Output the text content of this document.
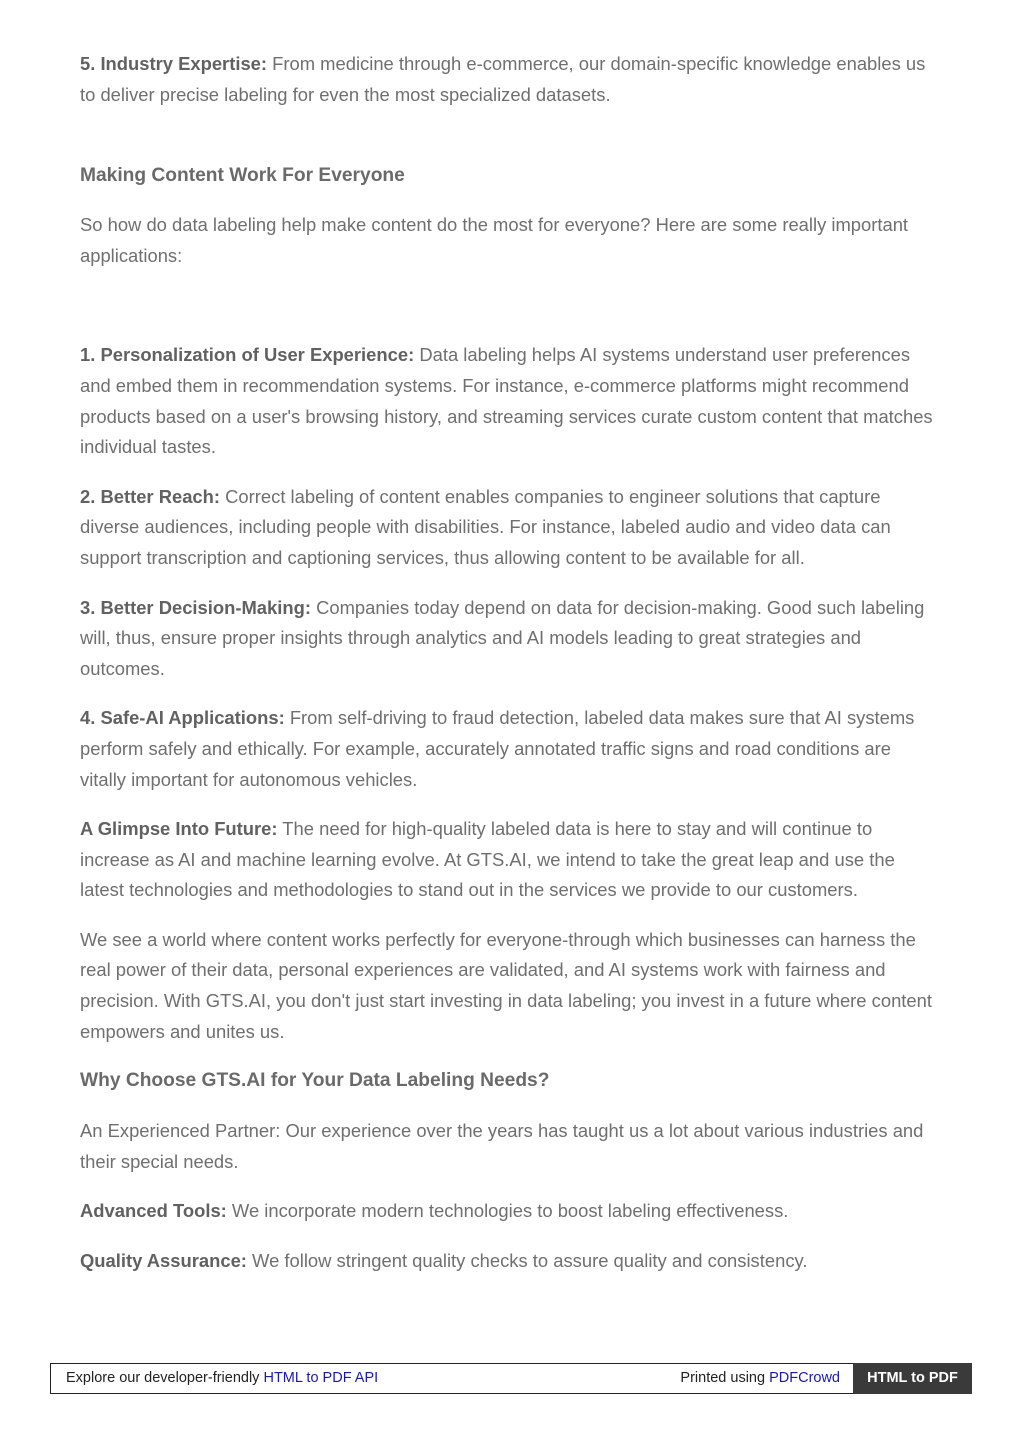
5. Industry Expertise: From medicine through e-commerce, our domain-specific knowledge enables us to deliver precise labeling for even the most specialized datasets.

Making Content Work For Everyone

So how do data labeling help make content do the most for everyone? Here are some really important applications:

1. Personalization of User Experience: Data labeling helps AI systems understand user preferences and embed them in recommendation systems. For instance, e-commerce platforms might recommend products based on a user's browsing history, and streaming services curate custom content that matches individual tastes.

2. Better Reach: Correct labeling of content enables companies to engineer solutions that capture diverse audiences, including people with disabilities. For instance, labeled audio and video data can support transcription and captioning services, thus allowing content to be available for all.

3. Better Decision-Making: Companies today depend on data for decision-making. Good such labeling will, thus, ensure proper insights through analytics and AI models leading to great strategies and outcomes.

4. Safe-AI Applications: From self-driving to fraud detection, labeled data makes sure that AI systems perform safely and ethically. For example, accurately annotated traffic signs and road conditions are vitally important for autonomous vehicles.

A Glimpse Into Future: The need for high-quality labeled data is here to stay and will continue to increase as AI and machine learning evolve. At GTS.AI, we intend to take the great leap and use the latest technologies and methodologies to stand out in the services we provide to our customers.

We see a world where content works perfectly for everyone-through which businesses can harness the real power of their data, personal experiences are validated, and AI systems work with fairness and precision. With GTS.AI, you don't just start investing in data labeling; you invest in a future where content empowers and unites us.

Why Choose GTS.AI for Your Data Labeling Needs?

An Experienced Partner: Our experience over the years has taught us a lot about various industries and their special needs.

Advanced Tools: We incorporate modern technologies to boost labeling effectiveness.

Quality Assurance: We follow stringent quality checks to assure quality and consistency.

Explore our developer-friendly HTML to PDF API	Printed using PDFCrowd	HTML to PDF
